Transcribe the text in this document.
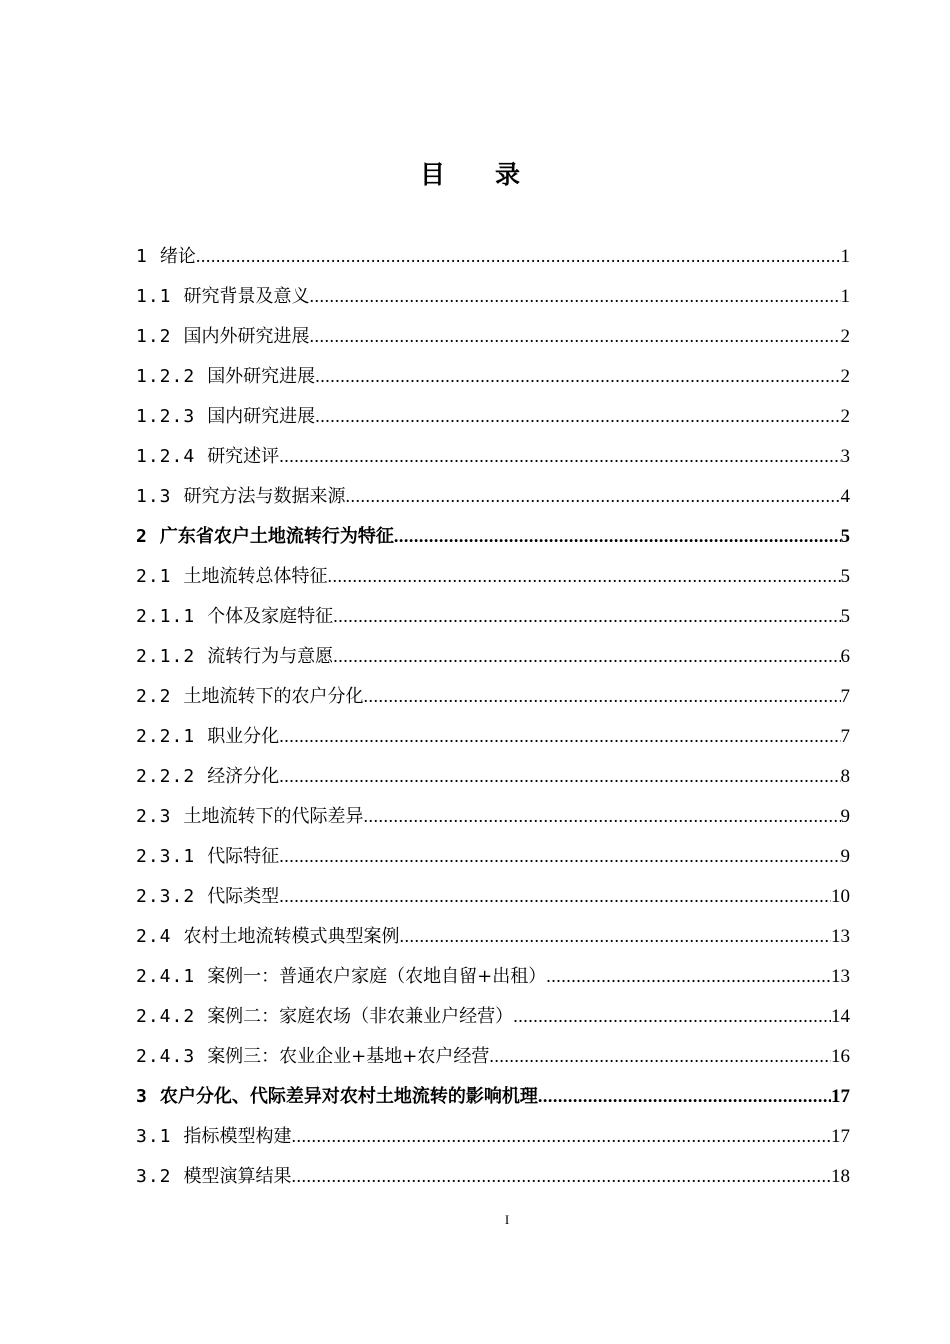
目录
1 绪论 .....	1
1.1 研究背景及意义 .....	1
1.2 国内外研究进展 .....	2
1.2.2 国外研究进展 .....	2
1.2.3 国内研究进展 .....	2
1.2.4 研究述评 .....	3
1.3 研究方法与数据来源 .....	4
2 广东省农户土地流转行为特征 .....	5
2.1 土地流转总体特征 .....	5
2.1.1 个体及家庭特征 .....	5
2.1.2 流转行为与意愿 .....	6
2.2 土地流转下的农户分化 .....	7
2.2.1 职业分化 .....	7
2.2.2 经济分化 .....	8
2.3 土地流转下的代际差异 .....	9
2.3.1 代际特征 .....	9
2.3.2 代际类型 .....	10
2.4 农村土地流转模式典型案例 .....	13
2.4.1 案例一：普通农户家庭（农地自留+出租） .....	13
2.4.2 案例二：家庭农场（非农兼业户经营） .....	14
2.4.3 案例三：农业企业+基地+农户经营 .....	16
3 农户分化、代际差异对农村土地流转的影响机理 .....	17
3.1 指标模型构建 .....	17
3.2 模型演算结果 .....	18
I
